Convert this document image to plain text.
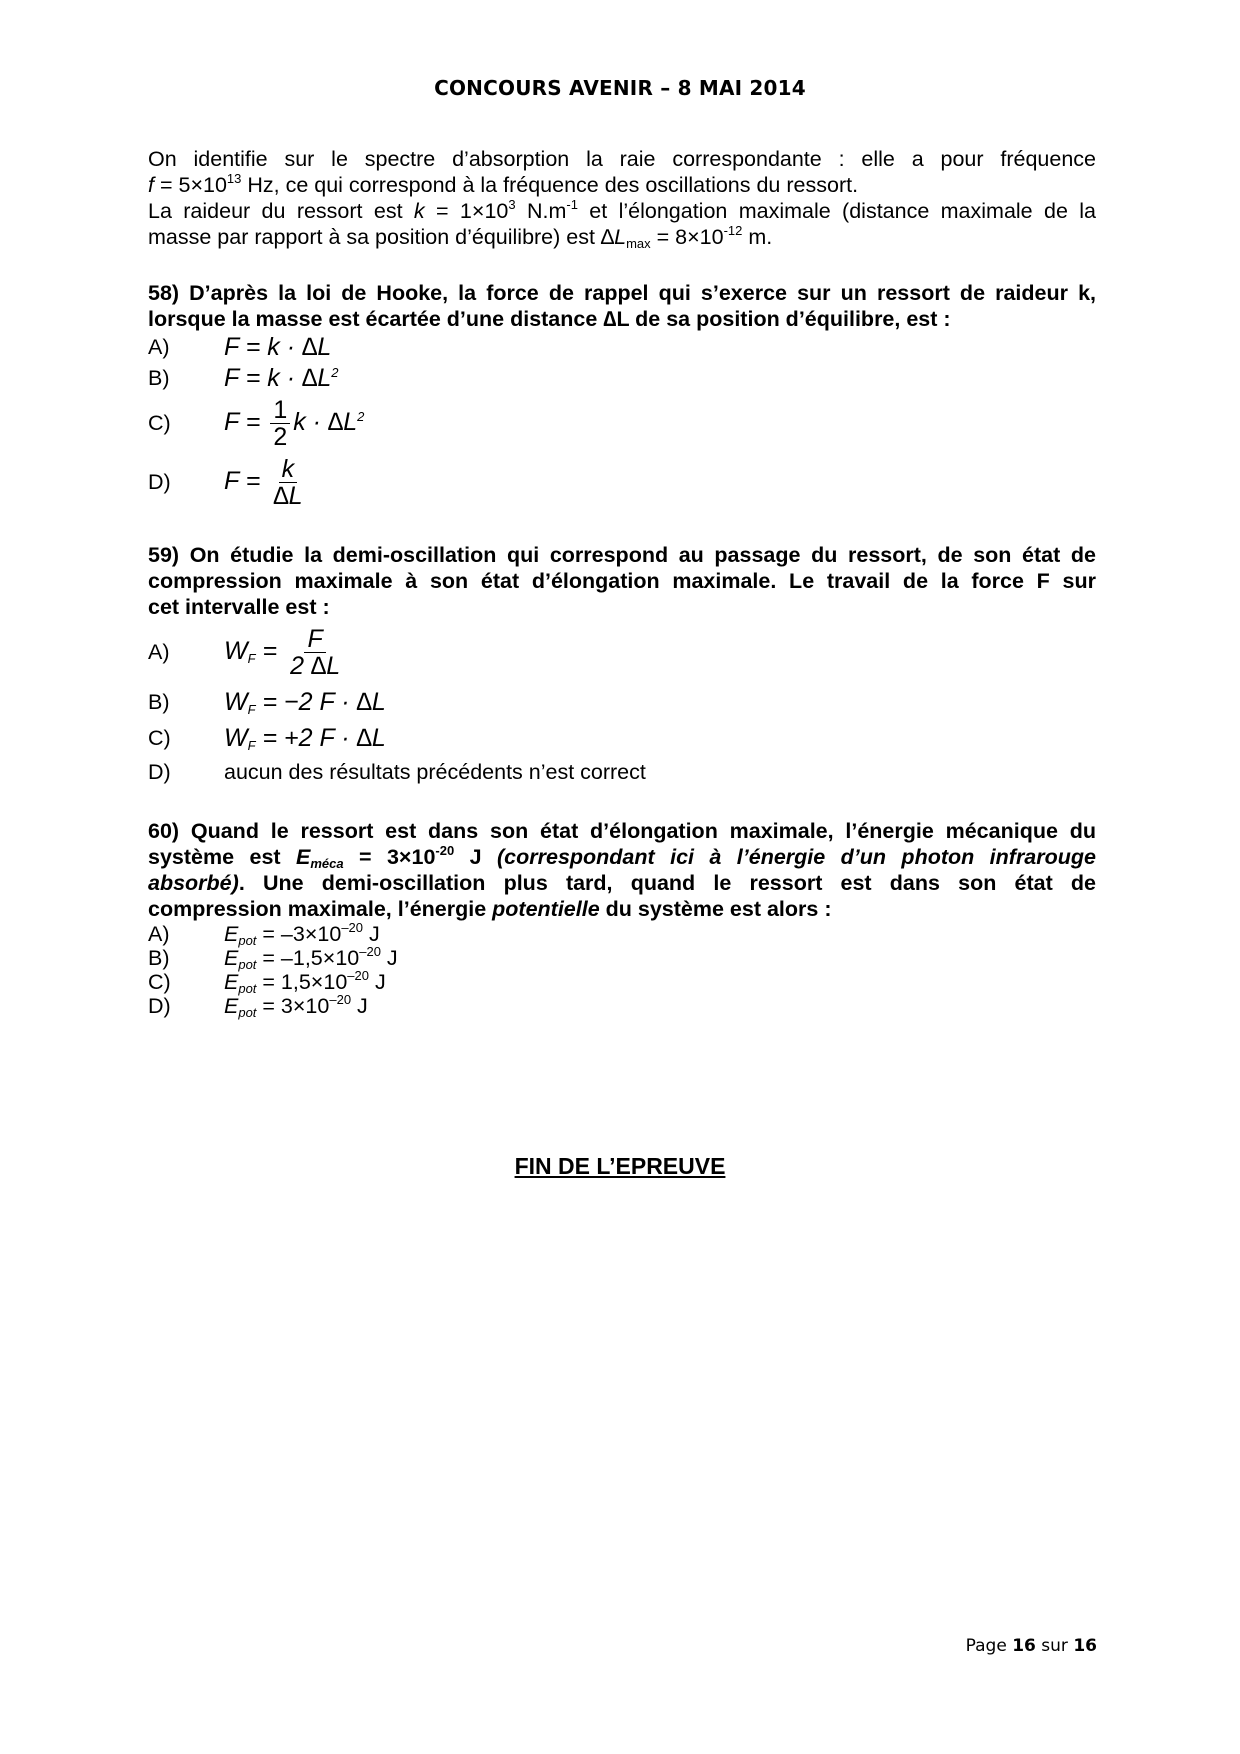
CONCOURS AVENIR – 8 MAI 2014

On identifie sur le spectre d’absorption la raie correspondante : elle a pour fréquence

$f = 5\times 10^{13}$ Hz, ce qui correspond à la fréquence des oscillations du ressort.

La raideur du ressort est $k = 1\times 10^3$ $N.m^{-1}$ et l’élongation maximale (distance maximale de la

masse par rapport à sa position d’équilibre) est $\Delta L_{max} = 8\times 10^{-12}$ m.

58) D’après la loi de Hooke, la force de rappel qui s’exerce sur un ressort de raideur k,
lorsque la masse est écartée d’une distance ∆L de sa position d’équilibre, est :
A)	F = k · ∆L
B)	$F = k \cdot \Delta L^2$
C)	$F = \frac{1}{2}$ $k \cdot \Delta L^2$
D)	$F = \frac{k}{\Delta L}$
59) On étudie la demi-oscillation qui correspond au passage du ressort, de son état de
compression maximale à son état d’élongation maximale. Le travail de la force F sur
cet intervalle est :
A)	$W_F = \frac{F}{2 \Delta L}$
B)	$W_F = -2$ F · ∆L
C)	$W_F = +2$ F · ∆L
D)	aucun des résultats précédents n’est correct
60) Quand le ressort est dans son état d’élongation maximale, l’énergie mécanique du
système est $E_{méca} = 3\times 10^{-20}$ J (correspondant ici à l’énergie d’un photon infrarouge
absorbé). Une demi-oscillation plus tard, quand le ressort est dans son état de
compression maximale, l’énergie potentielle du système est alors :
A)	$E_{pot} = -3\times 10^{-20}$ J
B)	$E_{pot} = -1,5\times 10^{-20}$ J
C)	$E_{pot} = 1,5\times 10^{-20}$ J
D)	$E_{pot} = 3\times 10^{-20}$ J
FIN DE L’EPREUVE
Page 16 sur 16
